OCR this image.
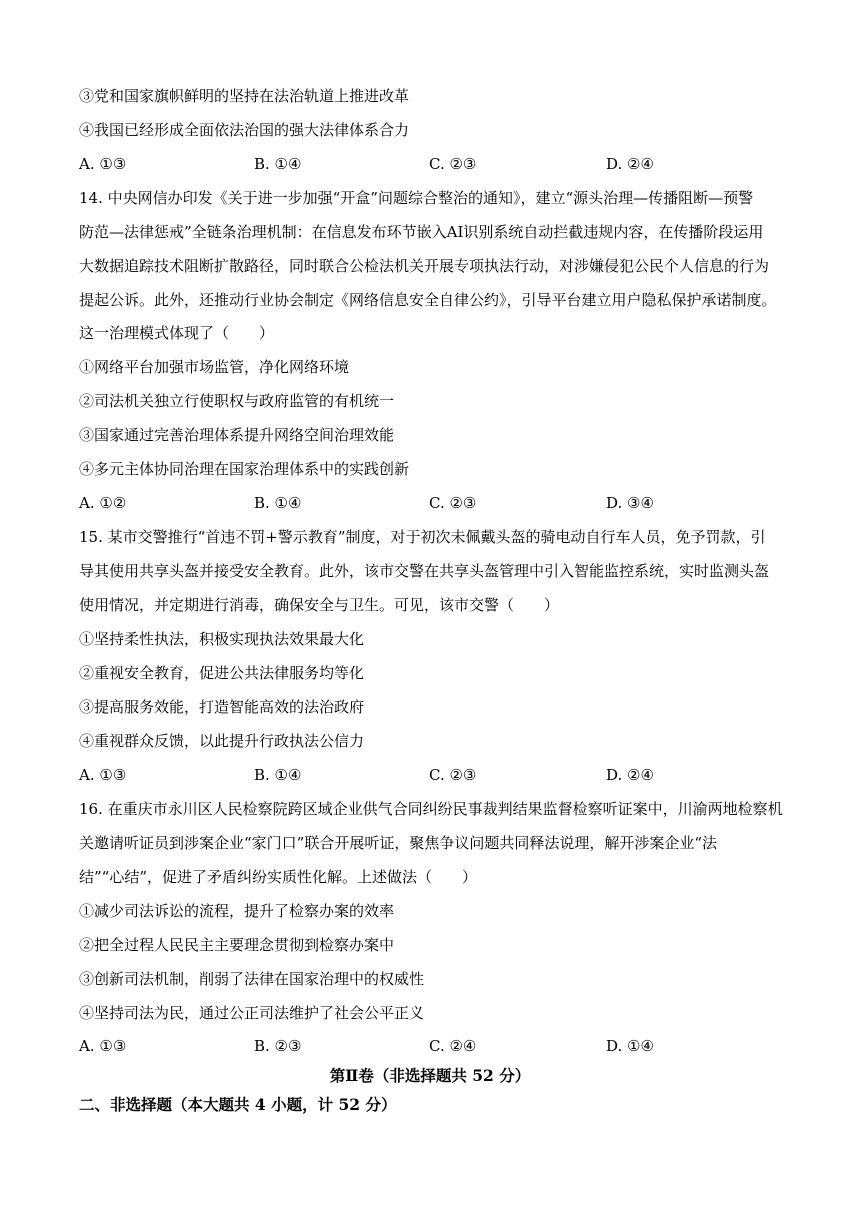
③党和国家旗帜鲜明的坚持在法治轨道上推进改革
④我国已经形成全面依法治国的强大法律体系合力
A. ①③	B. ①④	C. ②③	D. ②④
14. 中央网信办印发《关于进一步加强“开盒”问题综合整治的通知》，建立“源头治理—传播阻断—预警
防范—法律惩戒”全链条治理机制：在信息发布环节嵌入AI识别系统自动拦截违规内容，在传播阶段运用
大数据追踪技术阻断扩散路径，同时联合公检法机关开展专项执法行动，对涉嫌侵犯公民个人信息的行为
提起公诉。此外，还推动行业协会制定《网络信息安全自律公约》，引导平台建立用户隐私保护承诺制度。
这一治理模式体现了（　　）
①网络平台加强市场监管，净化网络环境
②司法机关独立行使职权与政府监管的有机统一
③国家通过完善治理体系提升网络空间治理效能
④多元主体协同治理在国家治理体系中的实践创新
A. ①②	B. ①④	C. ②③	D. ③④
15. 某市交警推行“首违不罚+警示教育”制度，对于初次未佩戴头盔的骑电动自行车人员，免予罚款，引
导其使用共享头盔并接受安全教育。此外，该市交警在共享头盔管理中引入智能监控系统，实时监测头盔
使用情况，并定期进行消毒，确保安全与卫生。可见，该市交警（　　）
①坚持柔性执法，积极实现执法效果最大化
②重视安全教育，促进公共法律服务均等化
③提高服务效能，打造智能高效的法治政府
④重视群众反馈，以此提升行政执法公信力
A. ①③	B. ①④	C. ②③	D. ②④
16. 在重庆市永川区人民检察院跨区域企业供气合同纠纷民事裁判结果监督检察听证案中，川渝两地检察机
关邀请听证员到涉案企业“家门口”联合开展听证，聚焦争议问题共同释法说理，解开涉案企业“法
结”“心结”，促进了矛盾纠纷实质性化解。上述做法（　　）
①减少司法诉讼的流程，提升了检察办案的效率
②把全过程人民民主主要理念贯彻到检察办案中
③创新司法机制，削弱了法律在国家治理中的权威性
④坚持司法为民，通过公正司法维护了社会公平正义
A. ①③	B. ②③	C. ②④	D. ①④
第Ⅱ卷（非选择题共 52 分）
二、非选择题（本大题共 4 小题，计 52 分）
